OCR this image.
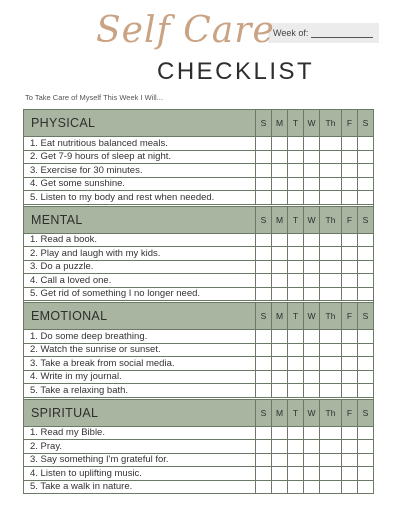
Week of:
Self Care
CHECKLIST
To Take Care of Myself This Week I Will...
PHYSICAL	S	M	T	W	Th	F	S
1. Eat nutritious balanced meals.							
2. Get 7-9 hours of sleep at night.							
3. Exercise for 30 minutes.							
4. Get some sunshine.							
5. Listen to my body and rest when needed.							

MENTAL	S	M	T	W	Th	F	S
1. Read a book.							
2. Play and laugh with my kids.							
3. Do a puzzle.							
4. Call a loved one.							
5. Get rid of something I no longer need.							

EMOTIONAL	S	M	T	W	Th	F	S
1. Do some deep breathing.							
2. Watch the sunrise or sunset.							
3. Take a break from social media.							
4. Write in my journal.							
5. Take a relaxing bath.							

SPIRITUAL	S	M	T	W	Th	F	S
1. Read my Bible.							
2. Pray.							
3. Say something I'm grateful for.							
4. Listen to uplifting music.							
5. Take a walk in nature.							
